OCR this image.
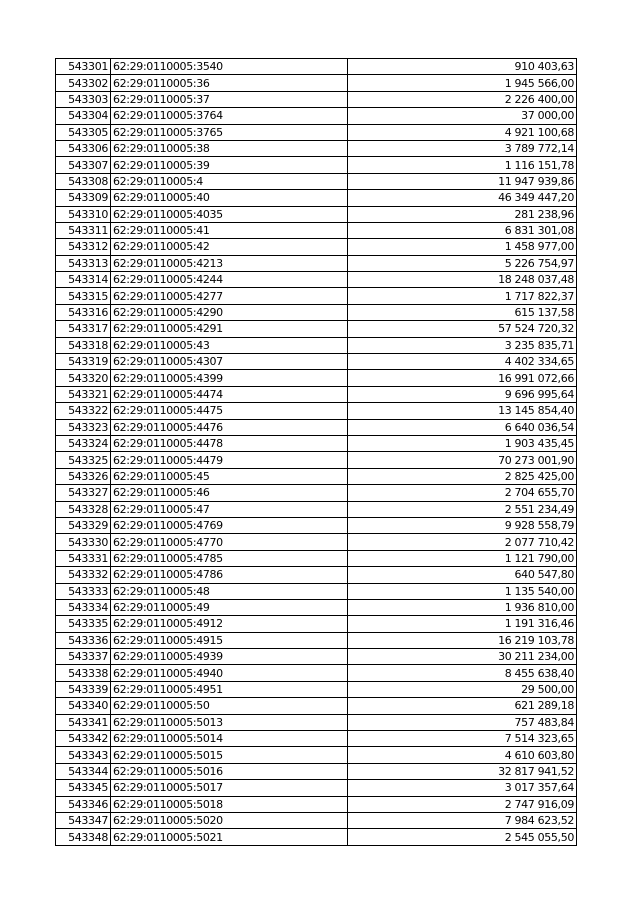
543301	62:29:0110005:3540	910 403,63
543302	62:29:0110005:36	1 945 566,00
543303	62:29:0110005:37	2 226 400,00
543304	62:29:0110005:3764	37 000,00
543305	62:29:0110005:3765	4 921 100,68
543306	62:29:0110005:38	3 789 772,14
543307	62:29:0110005:39	1 116 151,78
543308	62:29:0110005:4	11 947 939,86
543309	62:29:0110005:40	46 349 447,20
543310	62:29:0110005:4035	281 238,96
543311	62:29:0110005:41	6 831 301,08
543312	62:29:0110005:42	1 458 977,00
543313	62:29:0110005:4213	5 226 754,97
543314	62:29:0110005:4244	18 248 037,48
543315	62:29:0110005:4277	1 717 822,37
543316	62:29:0110005:4290	615 137,58
543317	62:29:0110005:4291	57 524 720,32
543318	62:29:0110005:43	3 235 835,71
543319	62:29:0110005:4307	4 402 334,65
543320	62:29:0110005:4399	16 991 072,66
543321	62:29:0110005:4474	9 696 995,64
543322	62:29:0110005:4475	13 145 854,40
543323	62:29:0110005:4476	6 640 036,54
543324	62:29:0110005:4478	1 903 435,45
543325	62:29:0110005:4479	70 273 001,90
543326	62:29:0110005:45	2 825 425,00
543327	62:29:0110005:46	2 704 655,70
543328	62:29:0110005:47	2 551 234,49
543329	62:29:0110005:4769	9 928 558,79
543330	62:29:0110005:4770	2 077 710,42
543331	62:29:0110005:4785	1 121 790,00
543332	62:29:0110005:4786	640 547,80
543333	62:29:0110005:48	1 135 540,00
543334	62:29:0110005:49	1 936 810,00
543335	62:29:0110005:4912	1 191 316,46
543336	62:29:0110005:4915	16 219 103,78
543337	62:29:0110005:4939	30 211 234,00
543338	62:29:0110005:4940	8 455 638,40
543339	62:29:0110005:4951	29 500,00
543340	62:29:0110005:50	621 289,18
543341	62:29:0110005:5013	757 483,84
543342	62:29:0110005:5014	7 514 323,65
543343	62:29:0110005:5015	4 610 603,80
543344	62:29:0110005:5016	32 817 941,52
543345	62:29:0110005:5017	3 017 357,64
543346	62:29:0110005:5018	2 747 916,09
543347	62:29:0110005:5020	7 984 623,52
543348	62:29:0110005:5021	2 545 055,50
